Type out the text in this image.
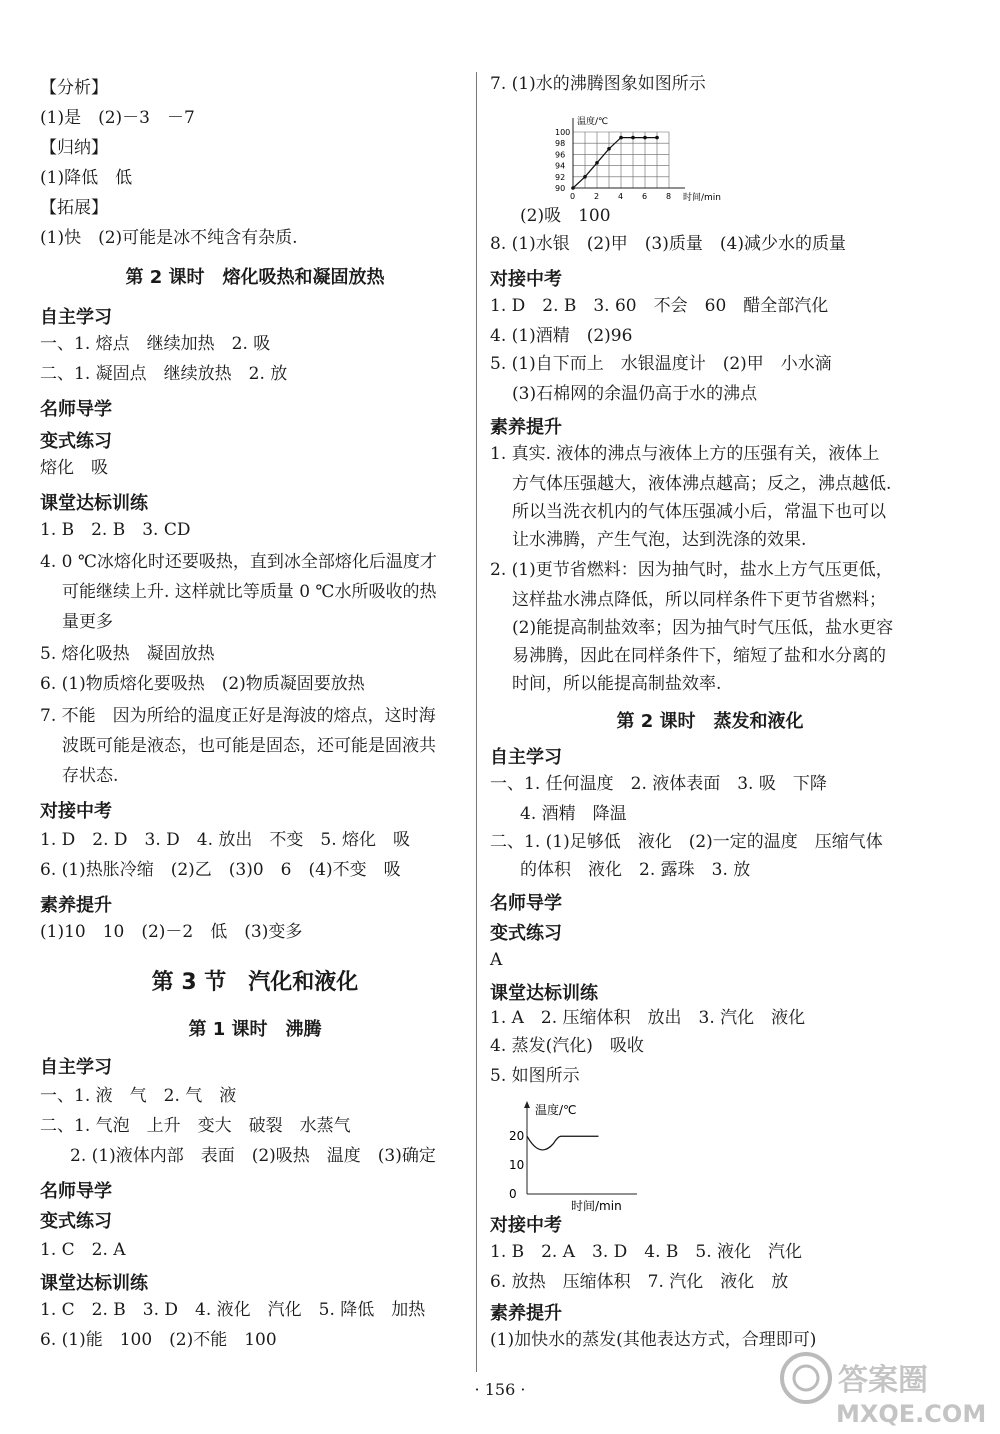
【分析】
(1)是　(2)－3　－7
【归纳】
(1)降低　低
【拓展】
(1)快　(2)可能是冰不纯含有杂质.
第 2 课时　熔化吸热和凝固放热
自主学习
一、1. 熔点　继续加热　2. 吸
二、1. 凝固点　继续放热　2. 放
名师导学
变式练习
熔化　吸
课堂达标训练
1. B　2. B　3. CD
4. 0 ℃冰熔化时还要吸热，直到冰全部熔化后温度才
可能继续上升. 这样就比等质量 0 ℃水所吸收的热
量更多
5. 熔化吸热　凝固放热
6. (1)物质熔化要吸热　(2)物质凝固要放热
7. 不能　因为所给的温度正好是海波的熔点，这时海
波既可能是液态，也可能是固态，还可能是固液共
存状态.
对接中考
1. D　2. D　3. D　4. 放出　不变　5. 熔化　吸
6. (1)热胀冷缩　(2)乙　(3)0　6　(4)不变　吸
素养提升
(1)10　10　(2)－2　低　(3)变多
第 3 节　汽化和液化
第 1 课时　沸腾
自主学习
一、1. 液　气　2. 气　液
二、1. 气泡　上升　变大　破裂　水蒸气
2. (1)液体内部　表面　(2)吸热　温度　(3)确定
名师导学
变式练习
1. C　2. A
课堂达标训练
1. C　2. B　3. D　4. 液化　汽化　5. 降低　加热
6. (1)能　100　(2)不能　100
7. (1)水的沸腾图象如图所示
(2)吸　100
8. (1)水银　(2)甲　(3)质量　(4)减少水的质量
对接中考
1. D　2. B　3. 60　不会　60　醋全部汽化
4. (1)酒精　(2)96
5. (1)自下而上　水银温度计　(2)甲　小水滴
(3)石棉网的余温仍高于水的沸点
素养提升
1. 真实. 液体的沸点与液体上方的压强有关，液体上
方气体压强越大，液体沸点越高；反之，沸点越低.
所以当洗衣机内的气体压强减小后，常温下也可以
让水沸腾，产生气泡，达到洗涤的效果.
2. (1)更节省燃料：因为抽气时，盐水上方气压更低，
这样盐水沸点降低，所以同样条件下更节省燃料；
(2)能提高制盐效率；因为抽气时气压低，盐水更容
易沸腾，因此在同样条件下，缩短了盐和水分离的
时间，所以能提高制盐效率.
第 2 课时　蒸发和液化
自主学习
一、1. 任何温度　2. 液体表面　3. 吸　下降
4. 酒精　降温
二、1. (1)足够低　液化　(2)一定的温度　压缩气体
的体积　液化　2. 露珠　3. 放
名师导学
变式练习
A
课堂达标训练
1. A　2. 压缩体积　放出　3. 汽化　液化
4. 蒸发(汽化)　吸收
5. 如图所示
对接中考
1. B　2. A　3. D　4. B　5. 液化　汽化
6. 放热　压缩体积　7. 汽化　液化　放
素养提升
(1)加快水的蒸发(其他表达方式，合理即可)
温度/℃
时间/min
0 2 4 6 8
90
92
94
96
98
100
温度/℃
时间/min
0
10
20
· 156 ·	答案圈
MXQE.COM
